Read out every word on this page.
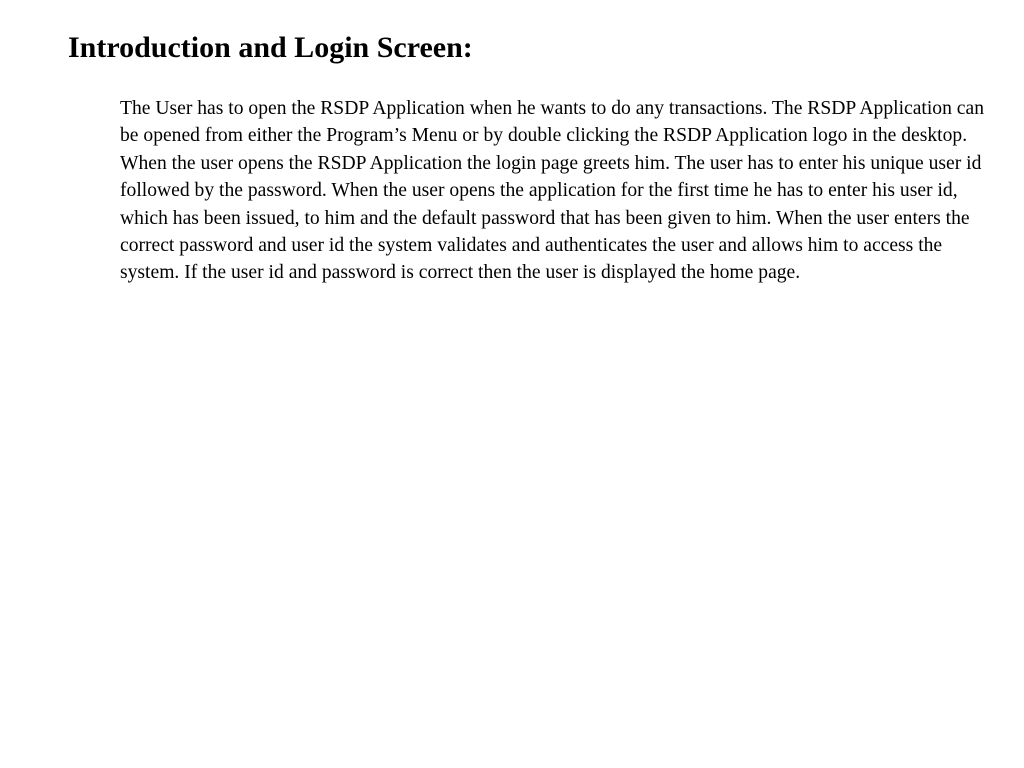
Introduction and Login Screen:

The User has to open the RSDP Application when he wants to do any transactions. The RSDP Application can be opened from either the Program’s Menu or by double clicking the RSDP Application logo in the desktop. When the user opens the RSDP Application the login page greets him. The user has to enter his unique user id followed by the password. When the user opens the application for the first time he has to enter his user id, which has been issued, to him and the default password that has been given to him. When the user enters the correct password and user id the system validates and authenticates the user and allows him to access the system. If the user id and password is correct then the user is displayed the home page.
